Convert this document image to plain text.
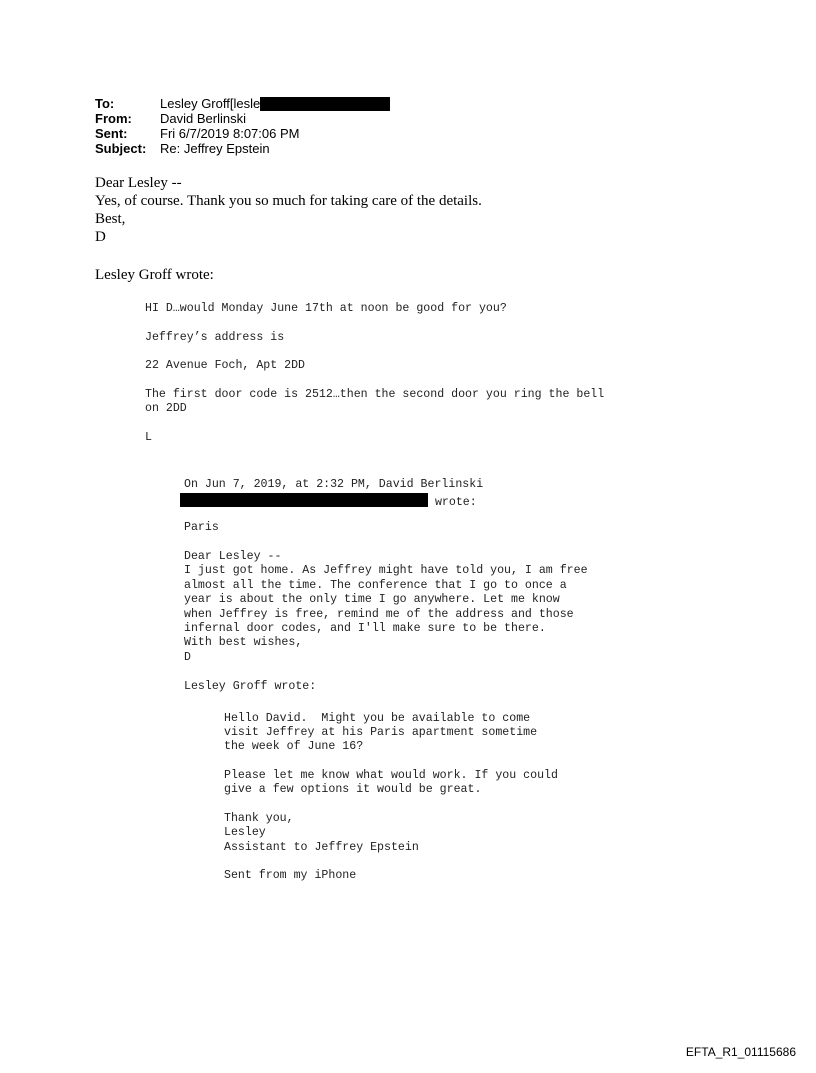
To:	Lesley Groff[lesle
From:	David Berlinski
Sent:	Fri 6/7/2019 8:07:06 PM
Subject:	Re: Jeffrey Epstein
Dear Lesley --
Yes, of course. Thank you so much for taking care of the details.
Best,
D
Lesley Groff wrote:
HI D…would Monday June 17th at noon be good for you?
Jeffrey’s address is
22 Avenue Foch, Apt 2DD
The first door code is 2512…then the second door you ring the bell
on 2DD
L
On Jun 7, 2019, at 2:32 PM, David Berlinski
wrote:
Paris
Dear Lesley --
I just got home. As Jeffrey might have told you, I am free
almost all the time. The conference that I go to once a
year is about the only time I go anywhere. Let me know
when Jeffrey is free, remind me of the address and those
infernal door codes, and I'll make sure to be there.
With best wishes,
D
Lesley Groff wrote:
Hello David.  Might you be available to come
visit Jeffrey at his Paris apartment sometime
the week of June 16?
Please let me know what would work. If you could
give a few options it would be great.
Thank you,
Lesley
Assistant to Jeffrey Epstein
Sent from my iPhone
EFTA_R1_01115686
